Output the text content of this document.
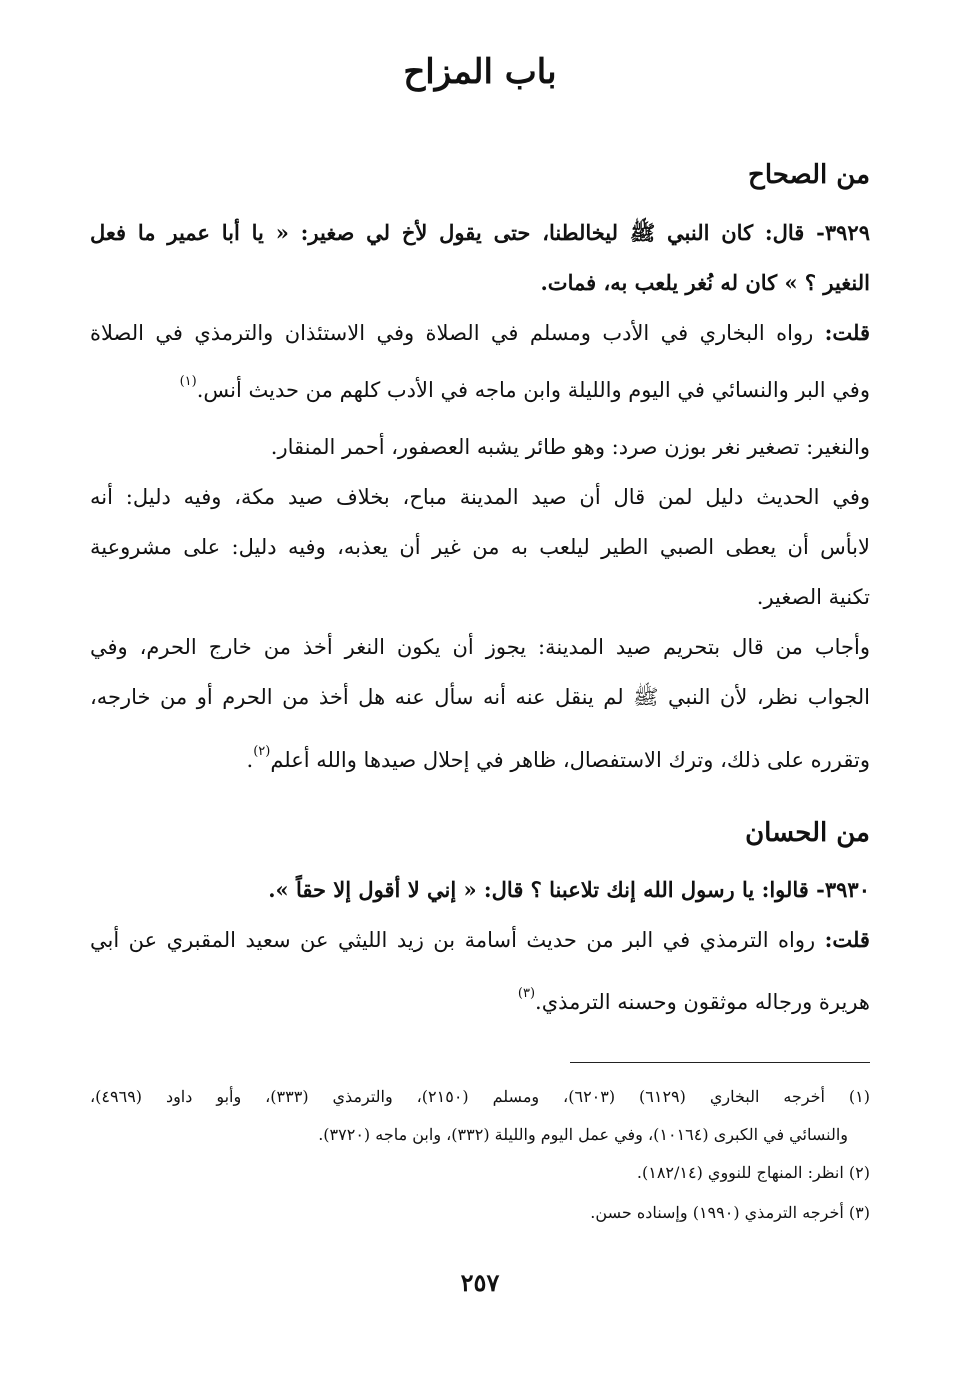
باب المزاح
من الصحاح
٣٩٢٩- قال: كان النبي ﷺ ليخالطنا، حتى يقول لأخ لي صغير: « يا أبا عمير ما فعل
النغير ؟ » كان له نُغر يلعب به، فمات.
قلت: رواه البخاري في الأدب ومسلم في الصلاة وفي الاستئذان والترمذي في الصلاة
وفي البر والنسائي في اليوم والليلة وابن ماجه في الأدب كلهم من حديث أنس.$^{(١)}$
والنغير: تصغير نغر بوزن صرد: وهو طائر يشبه العصفور، أحمر المنقار.
وفي الحديث دليل لمن قال أن صيد المدينة مباح، بخلاف صيد مكة، وفيه دليل: أنه
لابأس أن يعطى الصبي الطير ليلعب به من غير أن يعذبه، وفيه دليل: على مشروعية
تكنية الصغير.
وأجاب من قال بتحريم صيد المدينة: يجوز أن يكون النغر أخذ من خارج الحرم، وفي
الجواب نظر، لأن النبي ﷺ لم ينقل عنه أنه سأل عنه هل أخذ من الحرم أو من خارجه،
وتقرره على ذلك، وترك الاستفصال، ظاهر في إحلال صيدها والله أعلم$^{(٢)}$.
من الحسان
٣٩٣٠- قالوا: يا رسول الله إنك تلاعبنا ؟ قال: « إني لا أقول إلا حقاً ».
قلت: رواه الترمذي في البر من حديث أسامة بن زيد الليثي عن سعيد المقبري عن أبي
هريرة ورجاله موثقون وحسنه الترمذي.$^{(٣)}$
(١) أخرجه البخاري (٦١٢٩) (٦٢٠٣)، ومسلم (٢١٥٠)، والترمذي (٣٣٣)، وأبو داود (٤٩٦٩)،
والنسائي في الكبرى (١٠١٦٤)، وفي عمل اليوم والليلة (٣٣٢)، وابن ماجه (٣٧٢٠).
(٢) انظر: المنهاج للنووي (١٨٢/١٤).
(٣) أخرجه الترمذي (١٩٩٠) وإسناده حسن.
٢٥٧
